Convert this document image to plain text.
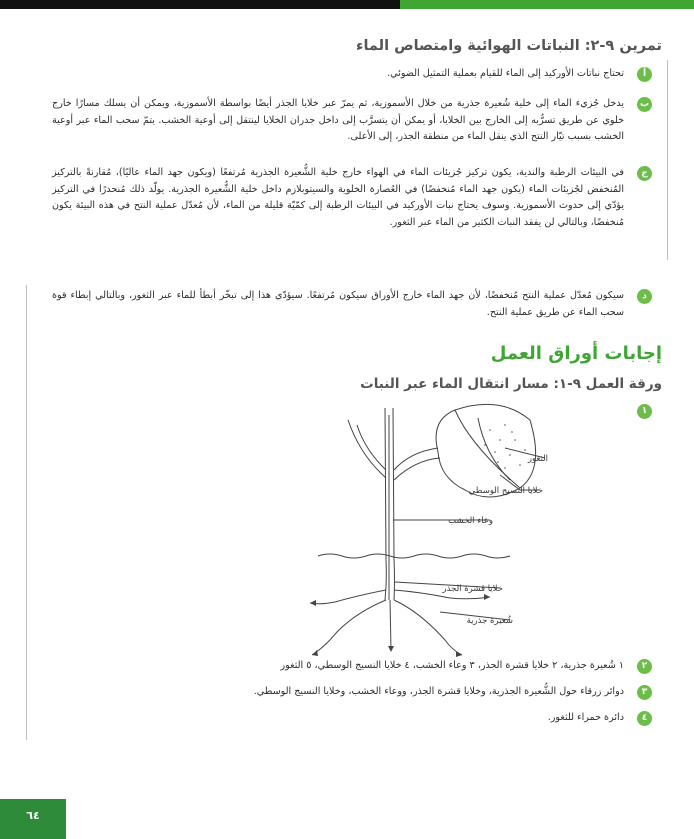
تمرين ٩-٢: النباتات الهوائية وامتصاص الماء
أ
تحتاج نباتات الأوركيد إلى الماء للقيام بعملية التمثيل الضوئي.
ب
يدخل جُزيء الماء إلى خلية شُعيرة جذرية من خلال الأسموزية، ثم يمرّ عبر خلايا الجذر أيضًا بواسطة الأسموزية، ويمكن أن يسلك مسارًا خارج خلوي عن طريق تسرُّبه إلى الخارج بين الخلايا، أو يمكن أن يتسرَّب إلى داخل جدران الخلايا لينتقل إلى أوعية الخشب. يتمّ سحب الماء عبر أوعية الخشب بسبب تيّار النتح الذي ينقل الماء من منطقة الجذر، إلى الأعلى.
ج
في البيئات الرطبة والندية، يكون تركيز جُزيئات الماء في الهواء خارج خلية الشُّعيرة الجذرية مُرتفعًا (ويكون جهد الماء عاليًا)، مُقارنةً بالتركيز المُنخفض لجُزيئات الماء (يكون جهد الماء مُنخفضًا) في العُصارة الخلوية والسيتوبلازم داخل خلية الشُّعيرة الجذرية. يولّد ذلك مُنحدرًا في التركيز يؤدّي إلى حدوث الأسموزية. وسوف يحتاج نبات الأوركيد في البيئات الرطبة إلى كمّيّة قليلة من الماء، لأن مُعدّل عملية النتح في هذه البيئة يكون مُنخفضًا، وبالتالي لن يفقد النبات الكثير من الماء عبر الثغور.
د
سيكون مُعدّل عملية النتح مُنخفضًا، لأن جهد الماء خارج الأوراق سيكون مُرتفعًا. سيؤدّي هذا إلى تبخّر أبطأ للماء عبر الثغور، وبالتالي إبطاء قوة سحب الماء عن طريق عملية النتح.
إجابات أوراق العمل
ورقة العمل ٩-١: مسار انتقال الماء عبر النبات
١
الثغور
خلايا النسيج الوسطي
وعاء الخشب
خلايا قشرة الجذر
شُعيرة جذرية
٢
١ شُعيرة جذرية، ٢ خلايا قشرة الجذر، ٣ وعاء الخشب، ٤ خلايا النسيج الوسطي، ٥ الثغور
٣
دوائر زرقاء حول الشُّعيرة الجذرية، وخلايا قشرة الجذر، ووعاء الخشب، وخلايا النسيج الوسطي.
٤
دائرة حمراء للثغور.
٦٤
